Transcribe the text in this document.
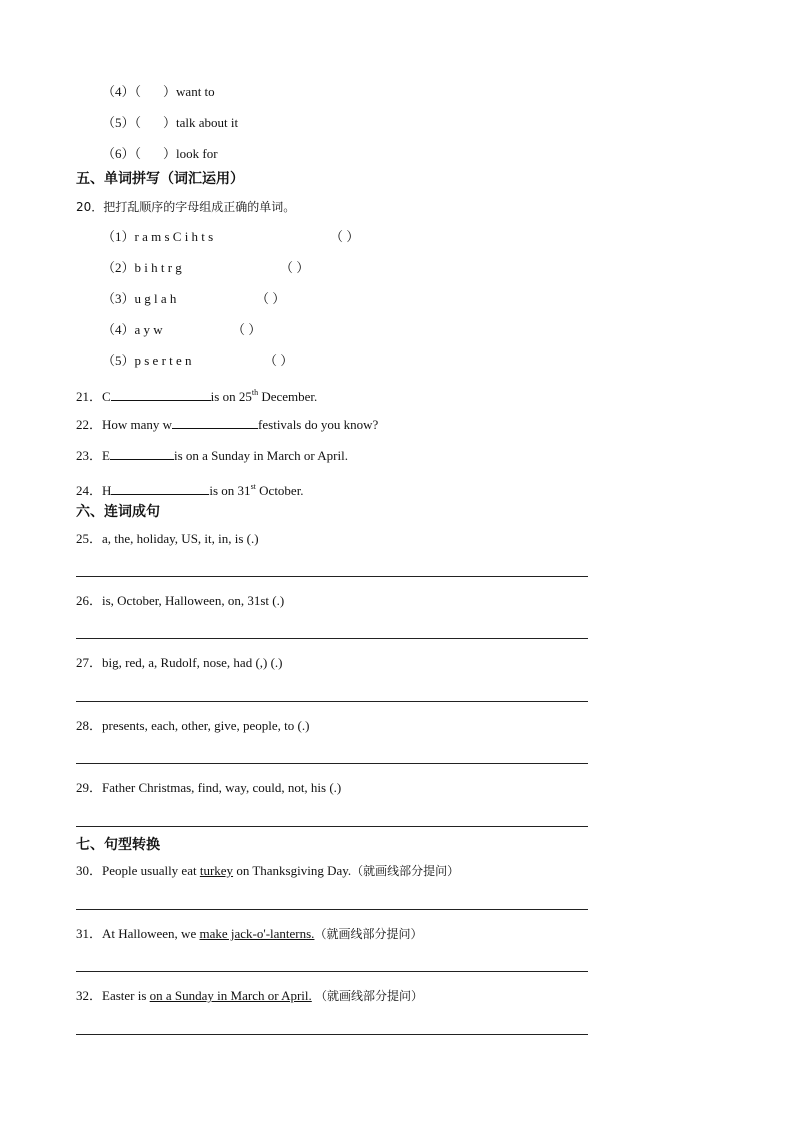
（4）（ ）want to
（5）（ ）talk about it
（6）（ ）look for
五、单词拼写（词汇运用）
20．把打乱顺序的字母组成正确的单词。
（1）r a m s C i h t s	（ ）
（2）b i h t r g	（ ）
（3）u g l a h	（ ）
（4）a y w	（ ）
（5）p s e r t e n	（ ）
21．C	is on 25th December.
22．How many w	festivals do you know?
23．E	is on a Sunday in March or April.
24．H	is on 31st October.
六、连词成句
25．a, the, holiday, US, it, in, is (.)
26．is, October, Halloween, on, 31st (.)
27．big, red, a, Rudolf, nose, had (,) (.)
28．presents, each, other, give, people, to (.)
29．Father Christmas, find, way, could, not, his (.)
七、句型转换
30．People usually eat turkey on Thanksgiving Day.（就画线部分提问）
31．At Halloween, we make jack-o'-lanterns.（就画线部分提问）
32．Easter is on a Sunday in March or April. （就画线部分提问）
